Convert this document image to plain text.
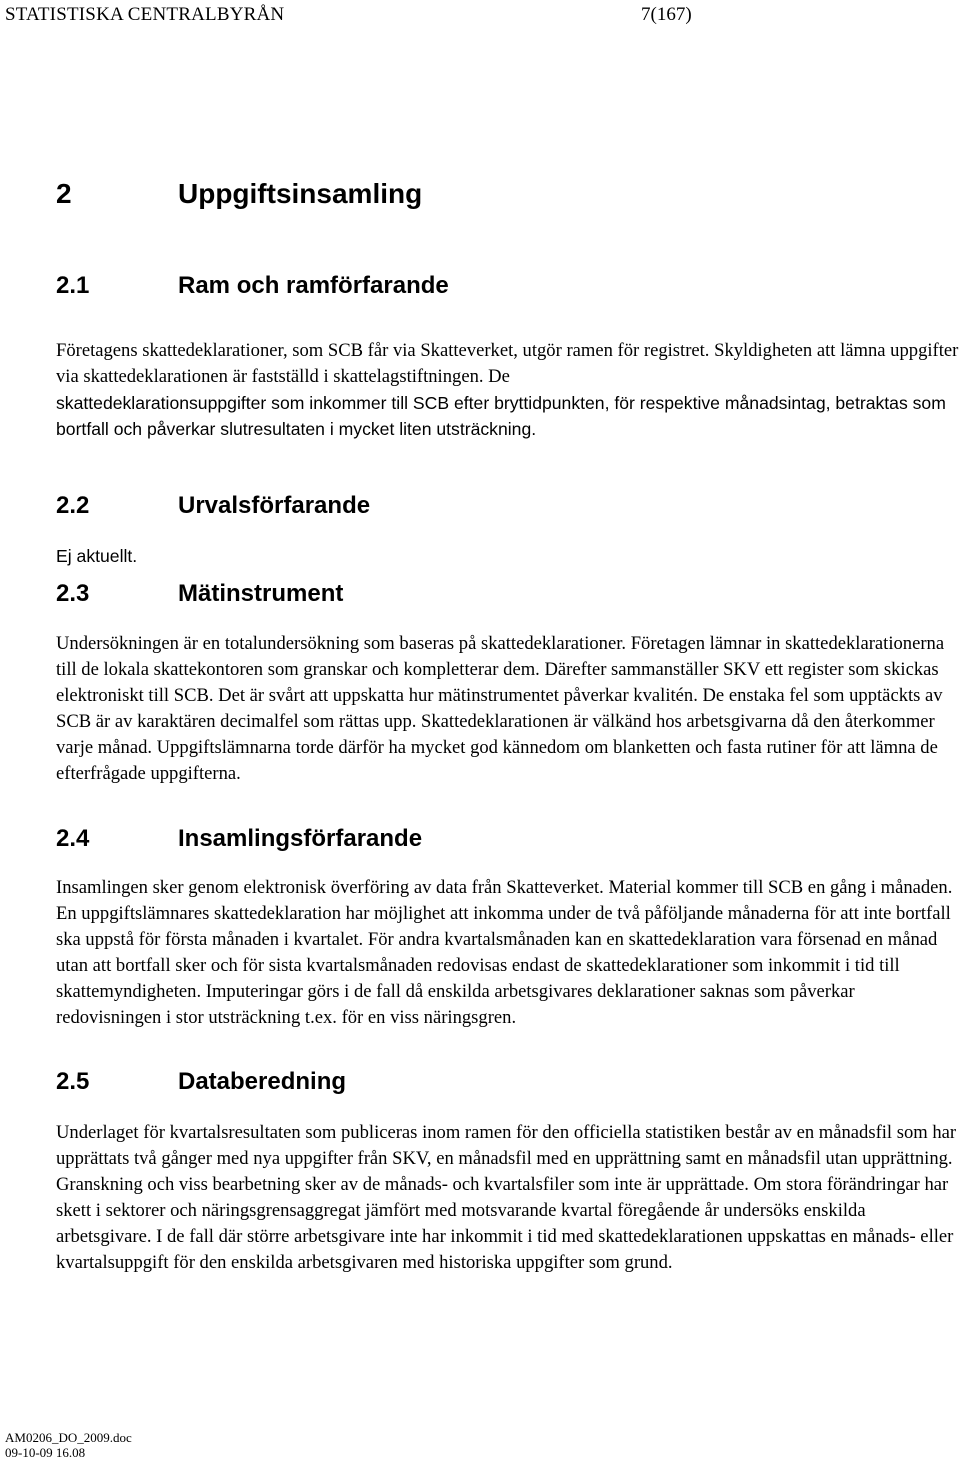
STATISTISKA CENTRALBYRÅN	7(167)
2	Uppgiftsinsamling
2.1	Ram och ramförfarande

Företagens skattedeklarationer, som SCB får via Skatteverket, utgör ramen för registret. Skyldigheten att lämna uppgifter via skattedeklarationen är fastställd i skattelagstiftningen. De

skattedeklarationsuppgifter som inkommer till SCB efter bryttidpunkten, för respektive månadsintag, betraktas som bortfall och påverkar slutresultaten i mycket liten utsträckning.

2.2	Urvalsförfarande

Ej aktuellt.

2.3	Mätinstrument

Undersökningen är en totalundersökning som baseras på skattedeklarationer. Företagen lämnar in skattedeklarationerna till de lokala skattekontoren som granskar och kompletterar dem. Därefter sammanställer SKV ett register som skickas elektroniskt till SCB. Det är svårt att uppskatta hur mätinstrumentet påverkar kvalitén. De enstaka fel som upptäckts av SCB är av karaktären decimalfel som rättas upp. Skattedeklarationen är välkänd hos arbetsgivarna då den återkommer varje månad. Uppgiftslämnarna torde därför ha mycket god kännedom om blanketten och fasta rutiner för att lämna de efterfrågade uppgifterna.

2.4	Insamlingsförfarande

Insamlingen sker genom elektronisk överföring av data från Skatteverket. Material kommer till SCB en gång i månaden. En uppgiftslämnares skattedeklaration har möjlighet att inkomma under de två påföljande månaderna för att inte bortfall ska uppstå för första månaden i kvartalet. För andra kvartalsmånaden kan en skattedeklaration vara försenad en månad utan att bortfall sker och för sista kvartalsmånaden redovisas endast de skattedeklarationer som inkommit i tid till skattemyndigheten. Imputeringar görs i de fall då enskilda arbetsgivares deklarationer saknas som påverkar redovisningen i stor utsträckning t.ex. för en viss näringsgren.

2.5	Databeredning

Underlaget för kvartalsresultaten som publiceras inom ramen för den officiella statistiken består av en månadsfil som har upprättats två gånger med nya uppgifter från SKV, en månadsfil med en upprättning samt en månadsfil utan upprättning. Granskning och viss bearbetning sker av de månads- och kvartalsfiler som inte är upprättade. Om stora förändringar har skett i sektorer och näringsgrensaggregat jämfört med motsvarande kvartal föregående år undersöks enskilda arbetsgivare. I de fall där större arbetsgivare inte har inkommit i tid med skattedeklarationen uppskattas en månads- eller kvartalsuppgift för den enskilda arbetsgivaren med historiska uppgifter som grund.

AM0206_DO_2009.doc
09-10-09 16.08
